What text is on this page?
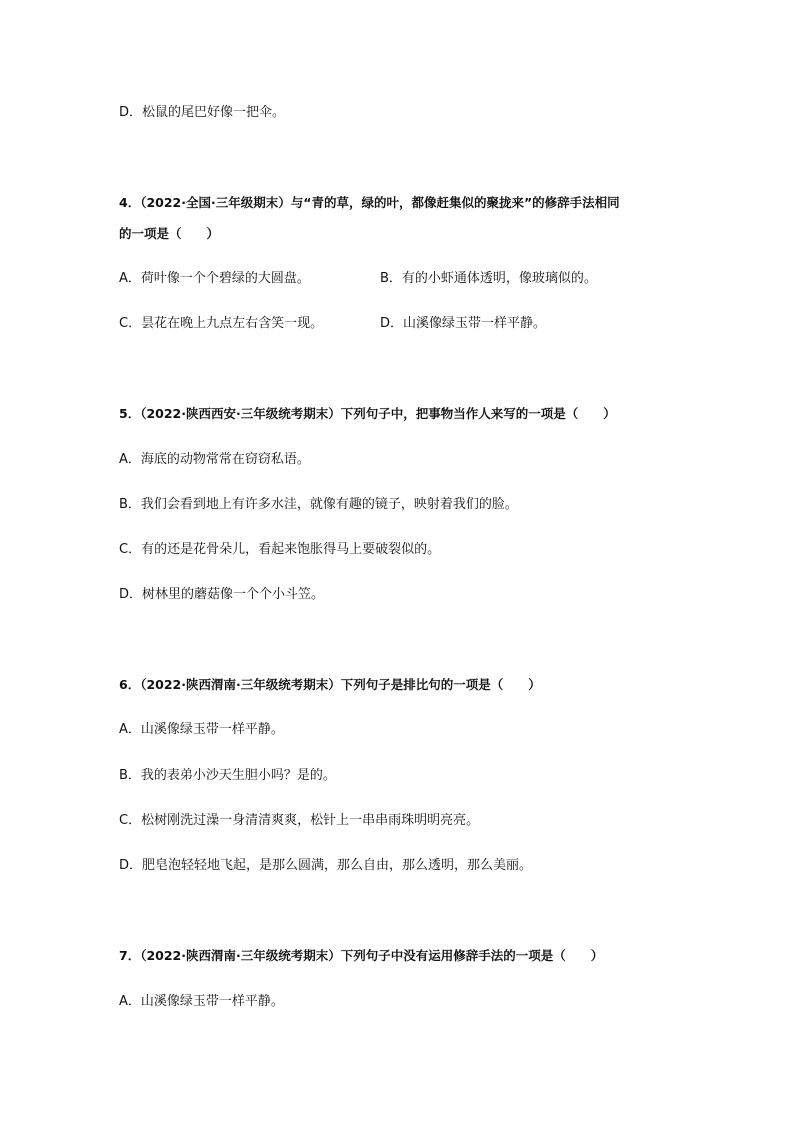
D．松鼠的尾巴好像一把伞。
4．（2022·全国·三年级期末）与“青的草，绿的叶，都像赶集似的聚拢来”的修辞手法相同
的一项是（　　）
A．荷叶像一个个碧绿的大圆盘。	B．有的小虾通体透明，像玻璃似的。
C．昙花在晚上九点左右含笑一现。	D．山溪像绿玉带一样平静。
5．（2022·陕西西安·三年级统考期末）下列句子中，把事物当作人来写的一项是（　　）
A．海底的动物常常在窃窃私语。
B．我们会看到地上有许多水洼，就像有趣的镜子，映射着我们的脸。
C．有的还是花骨朵儿，看起来饱胀得马上要破裂似的。
D．树林里的蘑菇像一个个小斗笠。
6．（2022·陕西渭南·三年级统考期末）下列句子是排比句的一项是（　　）
A．山溪像绿玉带一样平静。
B．我的表弟小沙天生胆小吗？是的。
C．松树刚洗过澡一身清清爽爽，松针上一串串雨珠明明亮亮。
D．肥皂泡轻轻地飞起，是那么圆满，那么自由，那么透明，那么美丽。
7．（2022·陕西渭南·三年级统考期末）下列句子中没有运用修辞手法的一项是（　　）
A．山溪像绿玉带一样平静。
